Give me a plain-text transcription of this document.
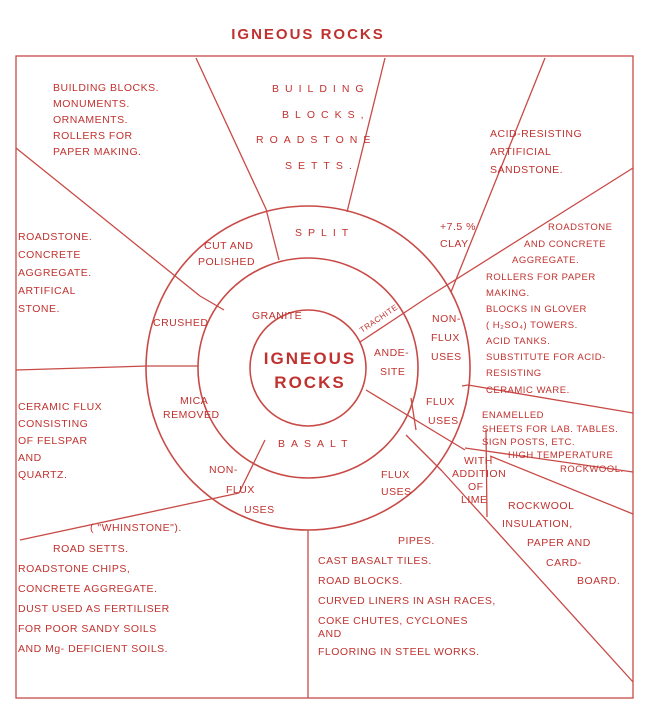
IGNEOUS ROCKS
IGNEOUS
ROCKS
GRANITE
ANDE-
SITE
BASALT
SPLIT
CUT AND
POLISHED
CRUSHED
MICA
REMOVED
TRACHITE	NON-
FLUX
USES
FLUX
USES
NON-
FLUX
USES
FLUX
USES
BUILDING BLOCKS.
MONUMENTS.
ORNAMENTS.
ROLLERS FOR
PAPER MAKING.
BUILDING
BLOCKS,
ROADSTONE
SETTS.
ACID-RESISTING
ARTIFICIAL
SANDSTONE.
+7.5 %
CLAY
ROADSTONE.
CONCRETE
AGGREGATE.
ARTIFICAL
STONE.
CERAMIC FLUX
CONSISTING
OF FELSPAR
AND
QUARTZ.
ROADSTONE
AND CONCRETE
AGGREGATE.
ROLLERS FOR PAPER
MAKING.
BLOCKS IN GLOVER
( H₂SO₄) TOWERS.
ACID TANKS.
SUBSTITUTE FOR ACID-
RESISTING
CERAMIC WARE.
ENAMELLED
SHEETS FOR LAB. TABLES.
SIGN POSTS, ETC.
HIGH TEMPERATURE
ROCKWOOL.
WITH
ADDITION
OF
LIME ROCKWOOL
INSULATION,
PAPER AND
CARD-
BOARD.
( "WHINSTONE").
ROAD SETTS.
ROADSTONE CHIPS,
CONCRETE AGGREGATE.
DUST USED AS FERTILISER
FOR POOR SANDY SOILS
AND Mg- DEFICIENT SOILS.
PIPES.
CAST BASALT TILES.
ROAD BLOCKS.
CURVED LINERS IN ASH RACES,
COKE CHUTES, CYCLONES
AND
FLOORING IN STEEL WORKS.
